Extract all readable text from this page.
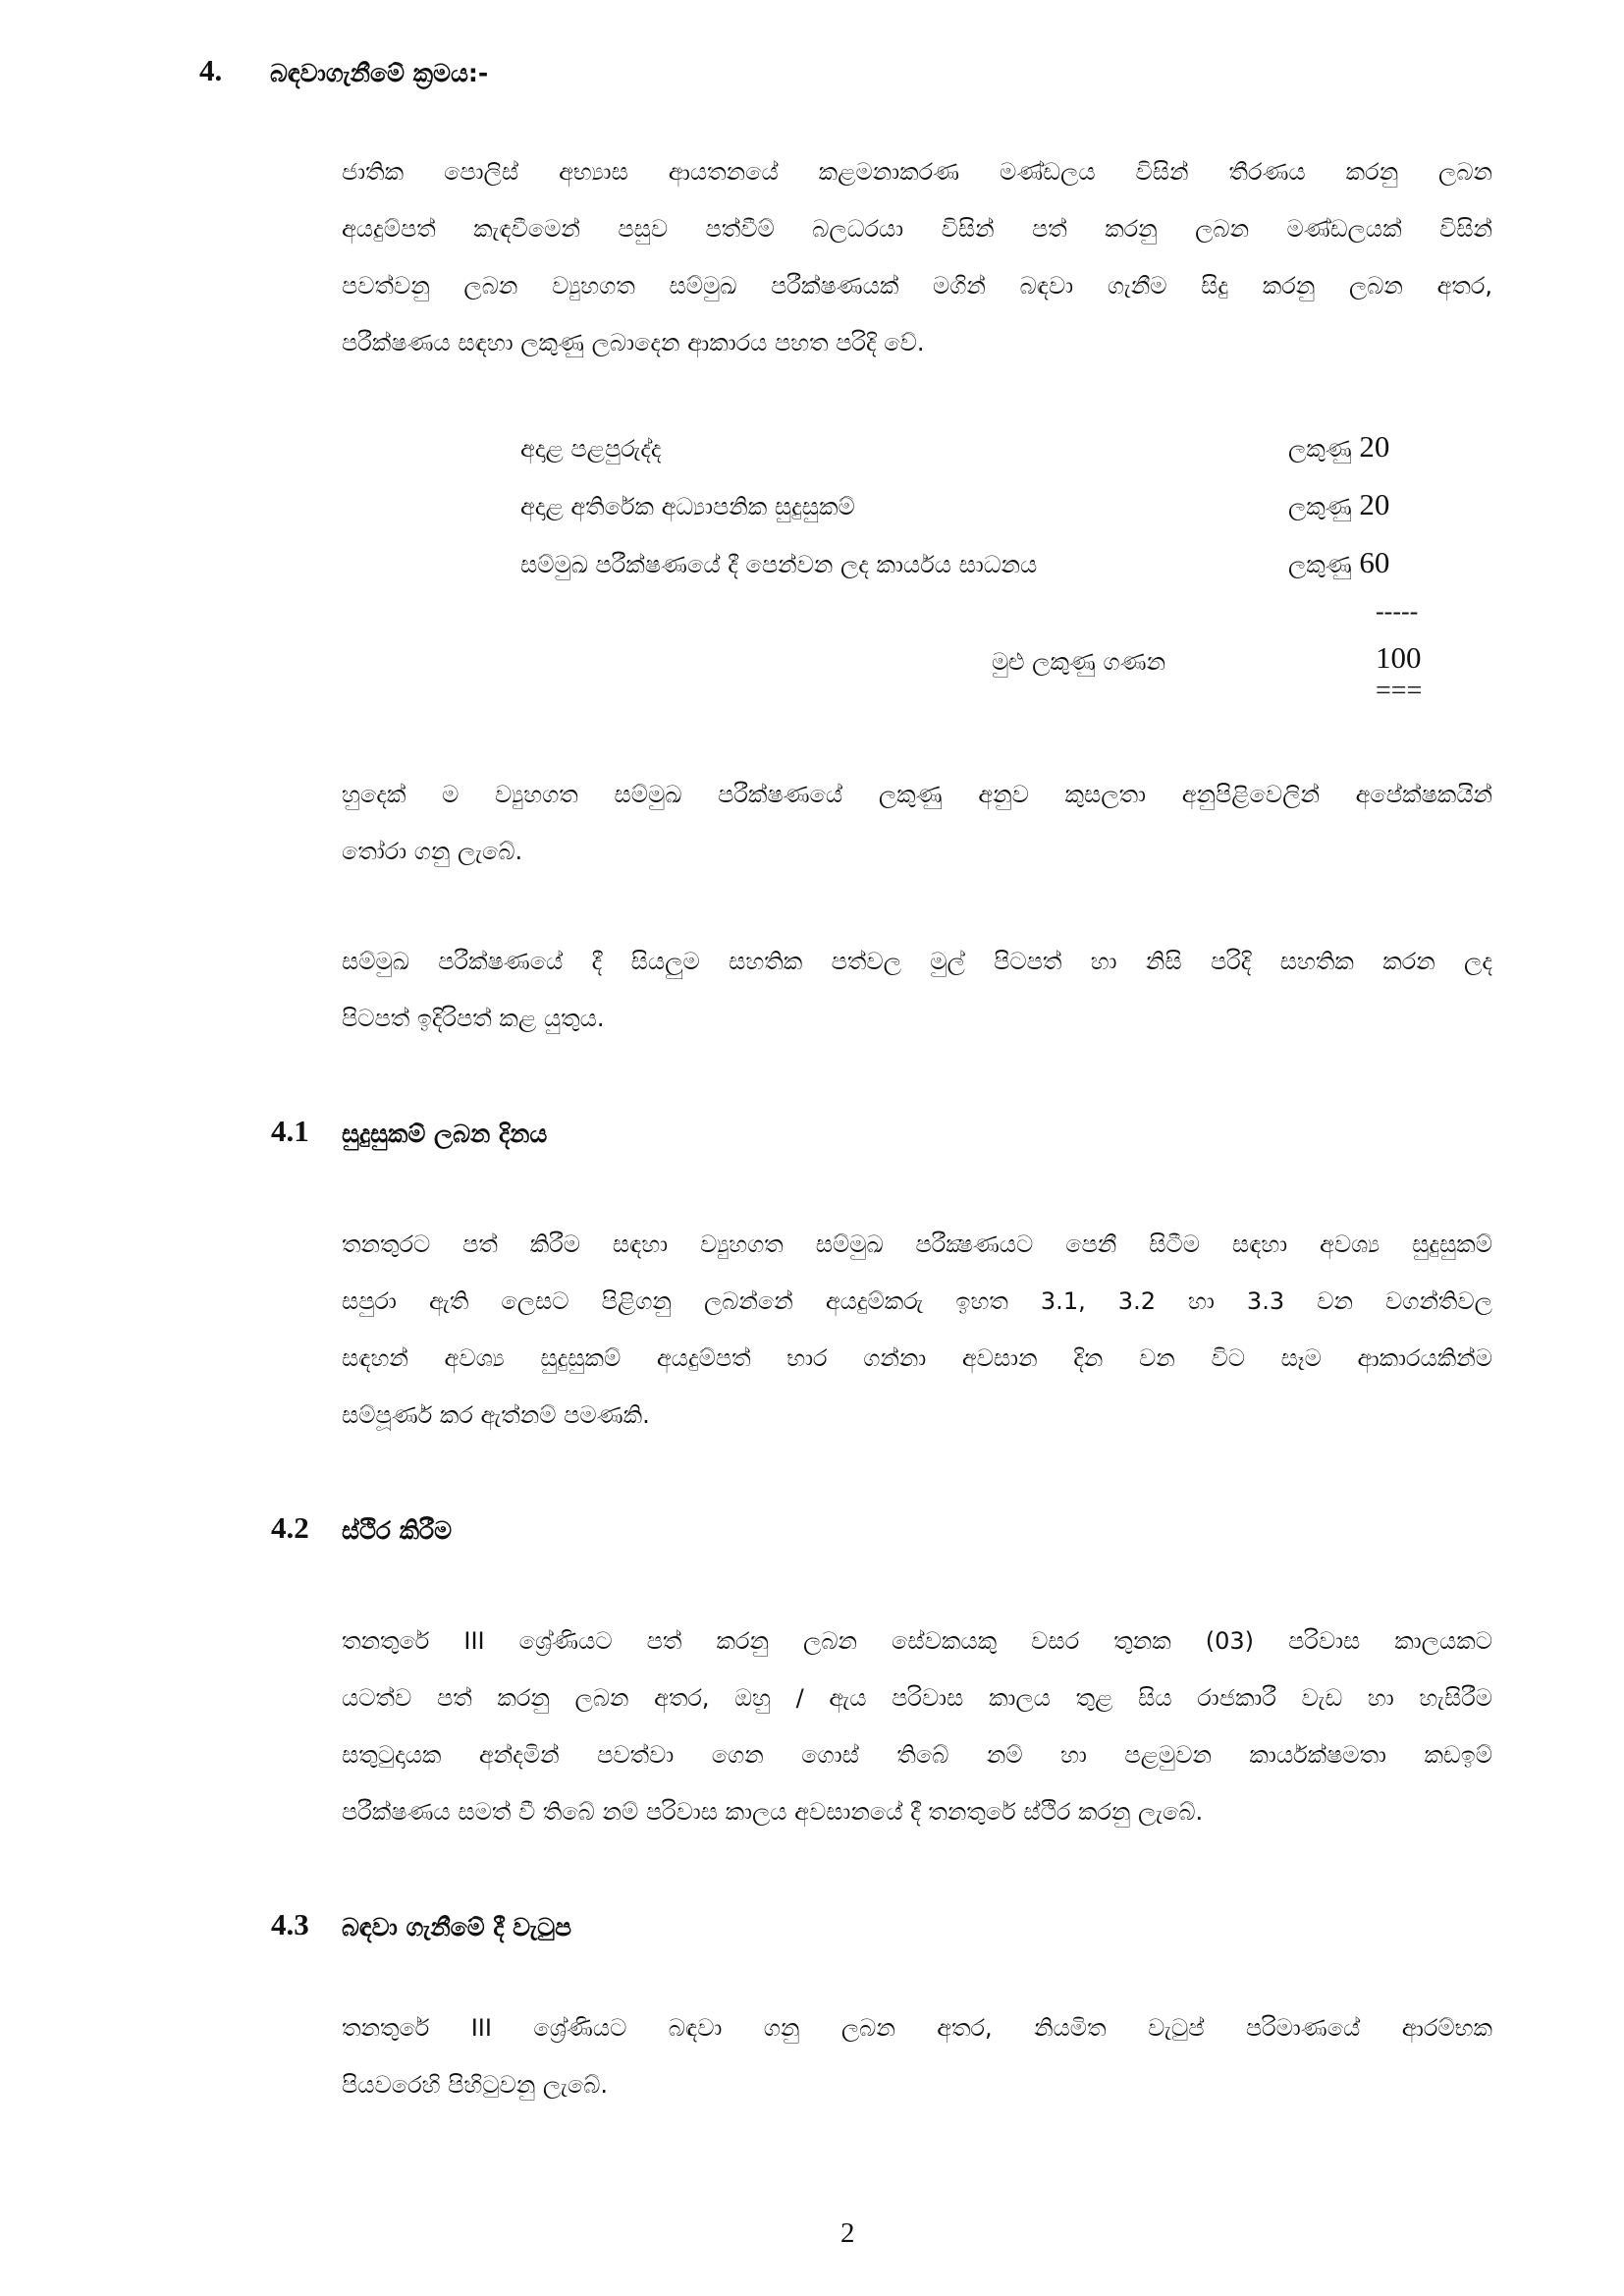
4. බඳවාගැනීමේ ක්‍රමය:-
ජාතික පොලිස් අභ්‍යාස ආයතනයේ කළමනාකරණ මණ්ඩලය විසින් තීරණය කරනු ලබන
අයදුම්පත් කැඳවීමෙන් පසුව පත්වීම් බලධරයා විසින් පත් කරනු ලබන මණ්ඩලයක් විසින්
පවත්වනු ලබන ව්‍යුහගත සම්මුඛ පරීක්ෂණයක් මගින් බඳවා ගැනීම සිදු කරනු ලබන අතර,
පරීක්ෂණය සඳහා ලකුණු ලබාදෙන ආකාරය පහත පරිදි වේ.
අදාළ පළපුරුද්ද	ලකුණු 20
අදාළ අතිරේක අධ්‍යාපනික සුදුසුකම්	ලකුණු 20
සම්මුඛ පරීක්ෂණයේ දී පෙන්වන ලද කාර්යය සාධනය	ලකුණු 60
-----
මුළු ලකුණු ගණන	100
===
හුදෙක් ම ව්‍යුහගත සම්මුඛ පරීක්ෂණයේ ලකුණු අනුව කුසලතා අනුපිළිවෙලින් අපේක්ෂකයින්
තෝරා ගනු ලැබේ.
සම්මුඛ පරීක්ෂණයේ දී සියලුම සහතික පත්වල මුල් පිටපත් හා නිසි පරිදි සහතික කරන ලද
පිටපත් ඉදිරිපත් කළ යුතුය.
4.1 සුදුසුකම් ලබන දිනය
තනතුරට පත් කිරීම සඳහා ව්‍යුහගත සම්මුඛ පරීක්‍ෂණයට පෙනී සිටීම සඳහා අවශ්‍ය සුදුසුකම්
සපුරා ඇති ලෙසට පිළිගනු ලබන්නේ අයදුම්කරු ඉහත 3.1, 3.2 හා 3.3 වන වගන්තිවල
සඳහන් අවශ්‍ය සුදුසුකම් අයදුම්පත් භාර ගන්නා අවසාන දින වන විට සෑම ආකාරයකින්ම
සම්පූර්ණ කර ඇත්නම් පමණකි.
4.2 ස්ථිර කිරීම
තනතුරේ III ශ්‍රේණියට පත් කරනු ලබන සේවකයකු වසර තුනක (03) පරිවාස කාලයකට
යටත්ව පත් කරනු ලබන අතර, ඔහු / ඇය පරිවාස කාලය තුළ සිය රාජකාරී වැඩ හා හැසිරීම
සතුටුදායක අන්දමින් පවත්වා ගෙන ගොස් තිබේ නම් හා පළමුවන කාර්යක්ෂමතා කඩඉම්
පරීක්ෂණය සමත් වී තිබේ නම් පරිවාස කාලය අවසානයේ දී තනතුරේ ස්ථිර කරනු ලැබේ.
4.3 බඳවා ගැනීමේ දී වැටුප
තනතුරේ III ශ්‍රේණියට බඳවා ගනු ලබන අතර, නියමිත වැටුප් පරිමාණයේ ආරම්භක
පියවරෙහි පිහිටුවනු ලැබේ.
2
